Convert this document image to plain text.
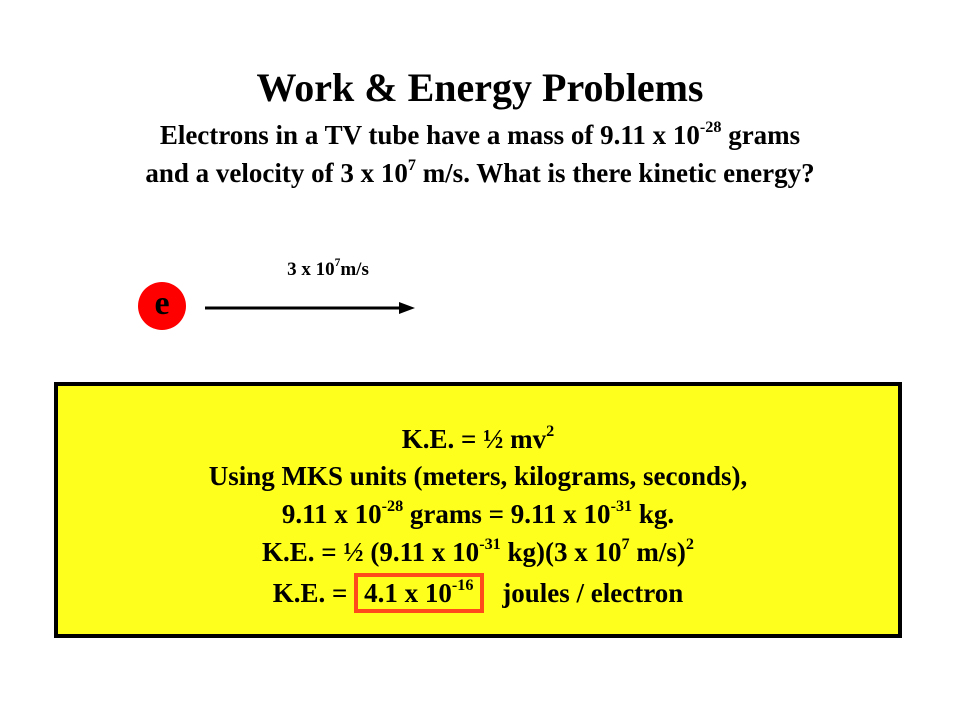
Work & Energy Problems
Electrons in a TV tube have a mass of 9.11 x $10^{-28}$ grams
and a velocity of 3 x $10^7$ m/s. What is there kinetic energy?
3 x $10^7m/s$
e
K.E. = ½ $mv^2$
Using MKS units (meters, kilograms, seconds),
9.11 x $10^{-28}$ grams = 9.11 x $10^{-31}$ kg.
K.E. = ½ (9.11 x $10^{-31}$ kg)(3 x $10^7$ m/s)$^2$
K.E. = 4.1 x $10^{-16}$ joules / electron
